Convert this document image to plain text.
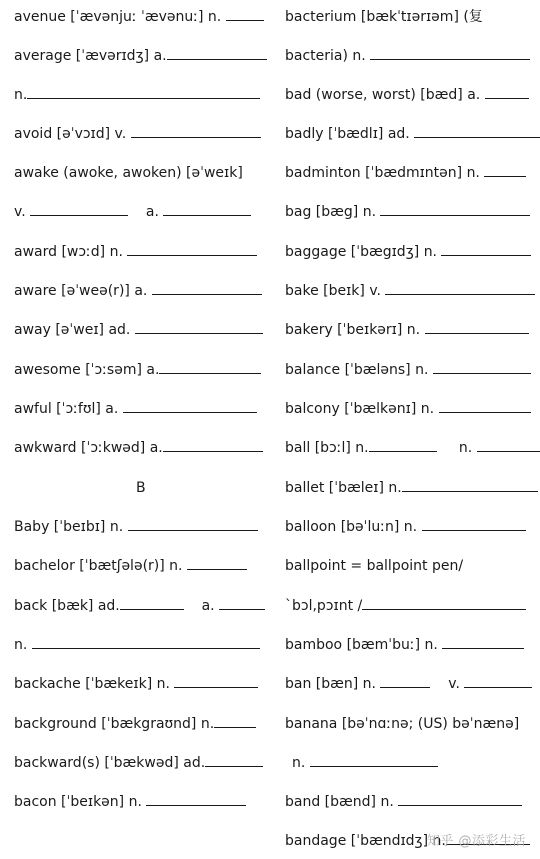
avenue [ˈævənjuː ˈævənuː] n.
average [ˈævərɪdʒ] a.
n.
avoid [əˈvɔɪd] v.
awake (awoke, awoken) [əˈweɪk]
v.	a.
award [wɔːd] n.
aware [əˈweə(r)] a.
away [əˈweɪ] ad.
awesome [ˈɔːsəm] a.
awful [ˈɔːfʊl] a.
awkward [ˈɔːkwəd] a.
B
Baby [ˈbeɪbɪ] n.
bachelor [ˈbætʃələ(r)] n.
back [bæk] ad.	a.
n.
backache [ˈbækeɪk] n.
background [ˈbækgraʊnd] n.
backward(s) [ˈbækwəd] ad.
bacon [ˈbeɪkən] n.
bacterium [bækˈtɪərɪəm] (复
bacteria) n.
bad (worse, worst) [bæd] a.
badly [ˈbædlɪ] ad.
badminton [ˈbædmɪntən] n.
bag [bæg] n.
baggage [ˈbægɪdʒ] n.
bake [beɪk] v.
bakery [ˈbeɪkərɪ] n.
balance [ˈbæləns] n.
balcony [ˈbælkənɪ] n.
ball [bɔːl] n.	n.
ballet [ˈbæleɪ] n.
balloon [bəˈluːn] n.
ballpoint = ballpoint pen/
`bɔl,pɔɪnt /
bamboo [bæmˈbuː] n.
ban [bæn] n.	v.
banana [bəˈnɑːnə; (US) bəˈnænə]
n.
band [bænd] n.
bandage [ˈbændɪdʒ] n.
知乎 @添彩生活
